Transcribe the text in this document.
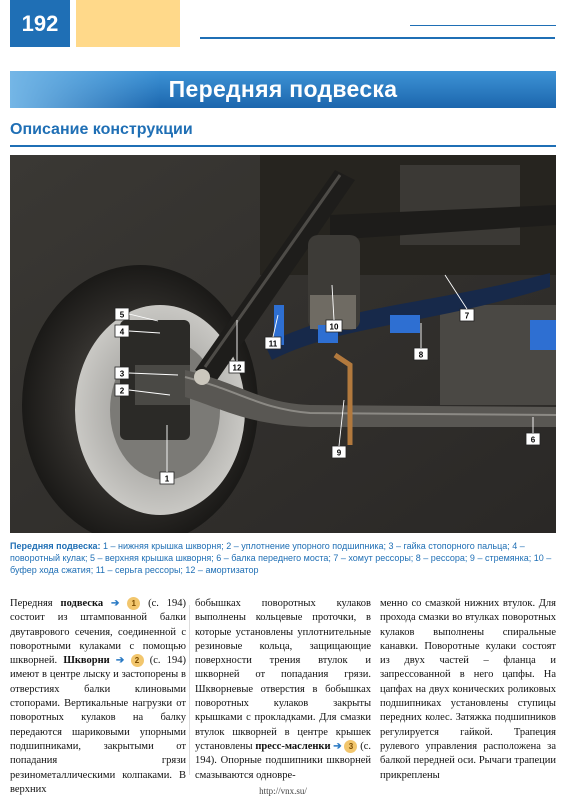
192
Передняя подвеска
Описание конструкции
5
4
3
2
1
12
11
10
9
8
7
6
Передняя подвеска: 1 – нижняя крышка шкворня; 2 – уплотнение упорного подшипника; 3 – гайка стопорного пальца; 4 – поворотный кулак; 5 – верхняя крышка шкворня; 6 – балка переднего моста; 7 – хомут рессоры; 8 – рессора; 9 – стремянка; 10 – буфер хода сжатия; 11 – серьга рессоры; 12 – амортизатор
Передняя подвеска ➔ 1 (с. 194) состоит из штампованной балки двутаврового сечения, соединенной с поворотными кулаками с помощью шкворней. Шкворни ➔ 2 (с. 194) имеют в центре лыску и застопорены в отверстиях балки клиновыми стопорами. Вертикальные нагрузки от поворотных кулаков на балку передаются шариковыми упорными подшипниками, закрытыми от попадания грязи резинометаллическими колпаками. В верхних
бобышках поворотных кулаков выполнены кольцевые проточки, в которые установлены уплотнительные резиновые кольца, защищающие поверхности трения втулок и шкворней от попадания грязи. Шкворневые отверстия в бобышках поворотных кулаков закрыты крышками с прокладками. Для смазки втулок шкворней в центре крышек установлены пресс-масленки ➔ 3 (с. 194). Опорные подшипники шкворней смазываются одновре-
менно со смазкой нижних втулок. Для прохода смазки во втулках поворотных кулаков выполнены спиральные канавки. Поворотные кулаки состоят из двух частей – фланца и запрессованной в него цапфы. На цапфах на двух конических роликовых подшипниках установлены ступицы передних колес. Затяжка подшипников регулируется гайкой. Трапеция рулевого управления расположена за балкой передней оси. Рычаги трапеции прикреплены
http://vnx.su/
